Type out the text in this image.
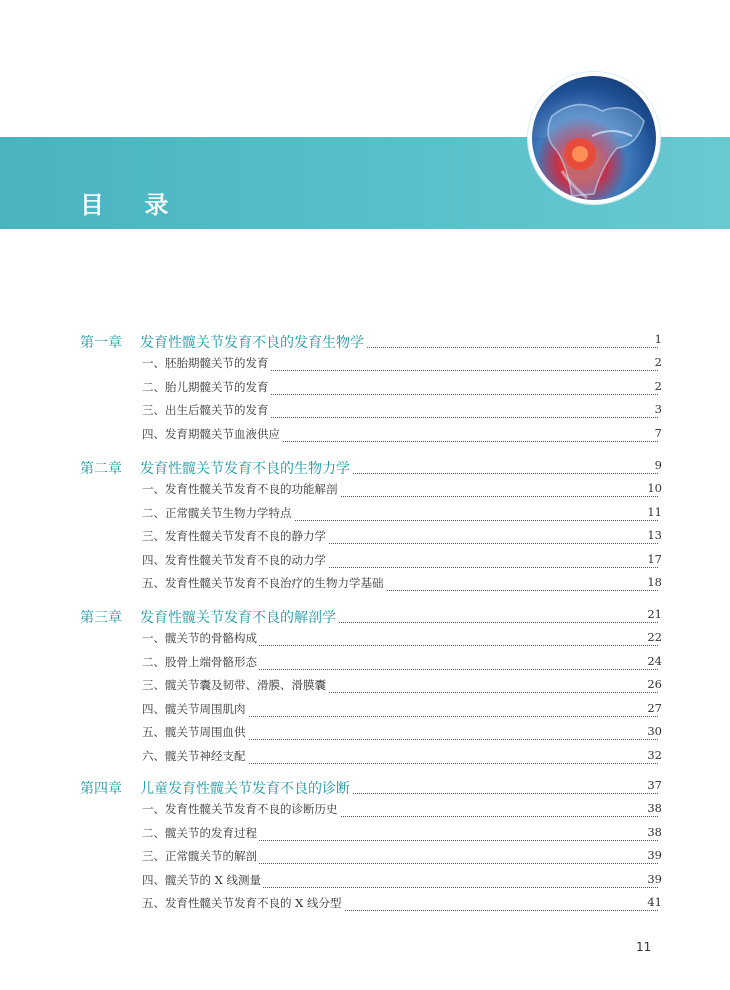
目 录
第一章 发育性髋关节发育不良的发育生物学	1
一、胚胎期髋关节的发育	2
二、胎儿期髋关节的发育	2
三、出生后髋关节的发育	3
四、发育期髋关节血液供应	7
第二章 发育性髋关节发育不良的生物力学	9
一、发育性髋关节发育不良的功能解剖	10
二、正常髋关节生物力学特点	11
三、发育性髋关节发育不良的静力学	13
四、发育性髋关节发育不良的动力学	17
五、发育性髋关节发育不良治疗的生物力学基础	18
第三章 发育性髋关节发育不良的解剖学	21
一、髋关节的骨骼构成	22
二、股骨上端骨骼形态	24
三、髋关节囊及韧带、滑膜、滑膜囊	26
四、髋关节周围肌肉	27
五、髋关节周围血供	30
六、髋关节神经支配	32
第四章 儿童发育性髋关节发育不良的诊断	37
一、发育性髋关节发育不良的诊断历史	38
二、髋关节的发育过程	38
三、正常髋关节的解剖	39
四、髋关节的 X 线测量	39
五、发育性髋关节发育不良的 X 线分型	41
11
